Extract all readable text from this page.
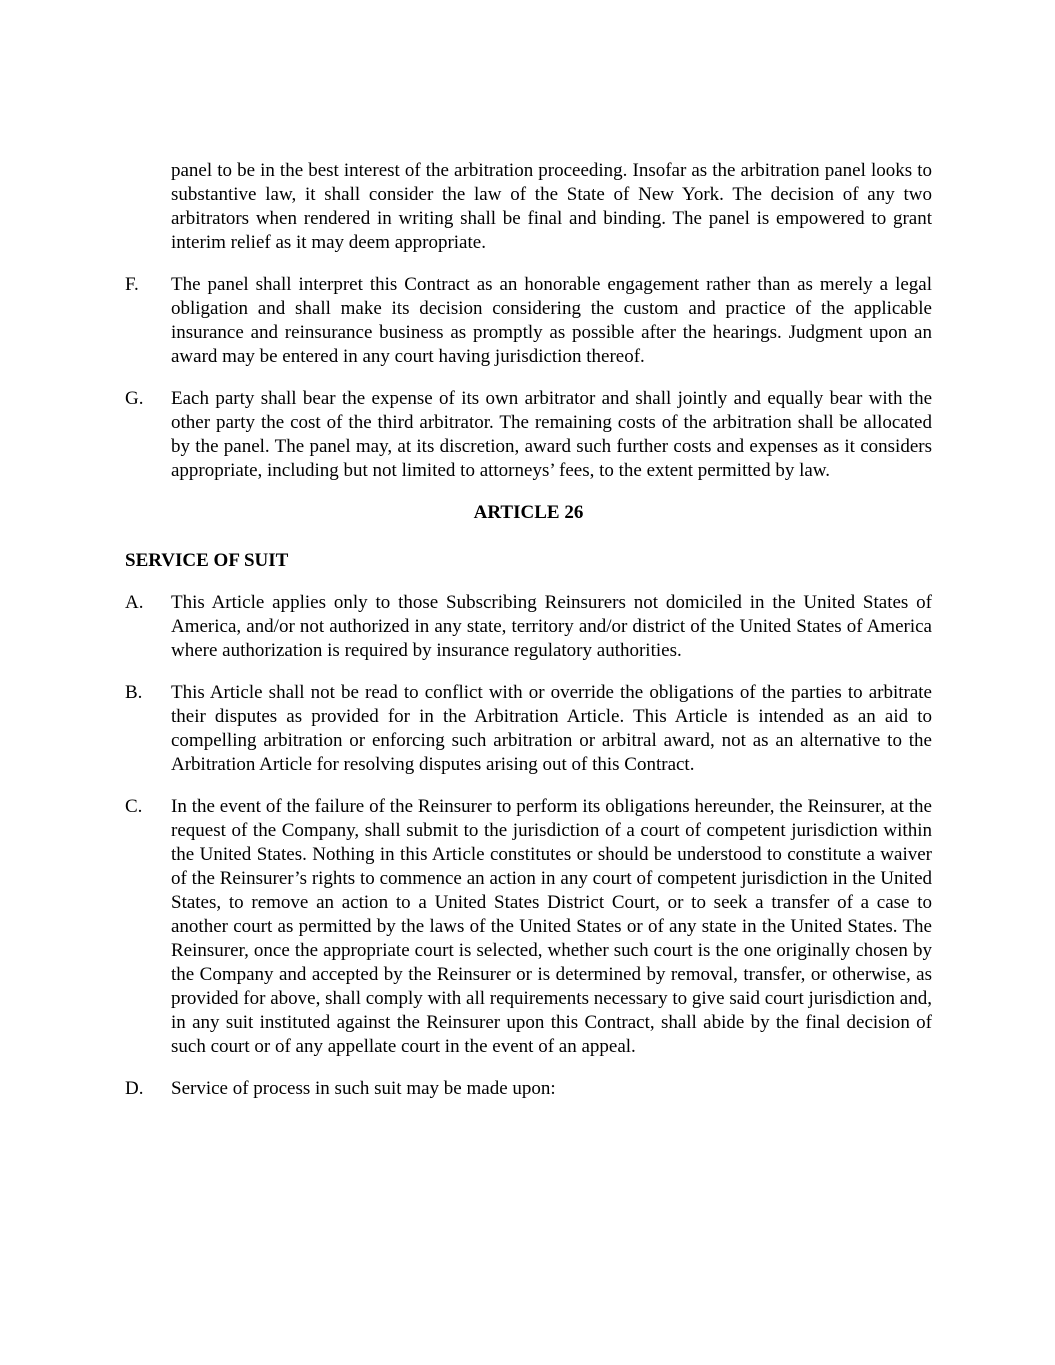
panel to be in the best interest of the arbitration proceeding. Insofar as the arbitration panel looks to substantive law, it shall consider the law of the State of New York. The decision of any two arbitrators when rendered in writing shall be final and binding. The panel is empowered to grant interim relief as it may deem appropriate.
F.	The panel shall interpret this Contract as an honorable engagement rather than as merely a legal obligation and shall make its decision considering the custom and practice of the applicable insurance and reinsurance business as promptly as possible after the hearings. Judgment upon an award may be entered in any court having jurisdiction thereof.
G.	Each party shall bear the expense of its own arbitrator and shall jointly and equally bear with the other party the cost of the third arbitrator. The remaining costs of the arbitration shall be allocated by the panel. The panel may, at its discretion, award such further costs and expenses as it considers appropriate, including but not limited to attorneys’ fees, to the extent permitted by law.
ARTICLE 26
SERVICE OF SUIT
A.	This Article applies only to those Subscribing Reinsurers not domiciled in the United States of America, and/or not authorized in any state, territory and/or district of the United States of America where authorization is required by insurance regulatory authorities.
B.	This Article shall not be read to conflict with or override the obligations of the parties to arbitrate their disputes as provided for in the Arbitration Article. This Article is intended as an aid to compelling arbitration or enforcing such arbitration or arbitral award, not as an alternative to the Arbitration Article for resolving disputes arising out of this Contract.
C.	In the event of the failure of the Reinsurer to perform its obligations hereunder, the Reinsurer, at the request of the Company, shall submit to the jurisdiction of a court of competent jurisdiction within the United States. Nothing in this Article constitutes or should be understood to constitute a waiver of the Reinsurer’s rights to commence an action in any court of competent jurisdiction in the United States, to remove an action to a United States District Court, or to seek a transfer of a case to another court as permitted by the laws of the United States or of any state in the United States. The Reinsurer, once the appropriate court is selected, whether such court is the one originally chosen by the Company and accepted by the Reinsurer or is determined by removal, transfer, or otherwise, as provided for above, shall comply with all requirements necessary to give said court jurisdiction and, in any suit instituted against the Reinsurer upon this Contract, shall abide by the final decision of such court or of any appellate court in the event of an appeal.
D.	Service of process in such suit may be made upon:
